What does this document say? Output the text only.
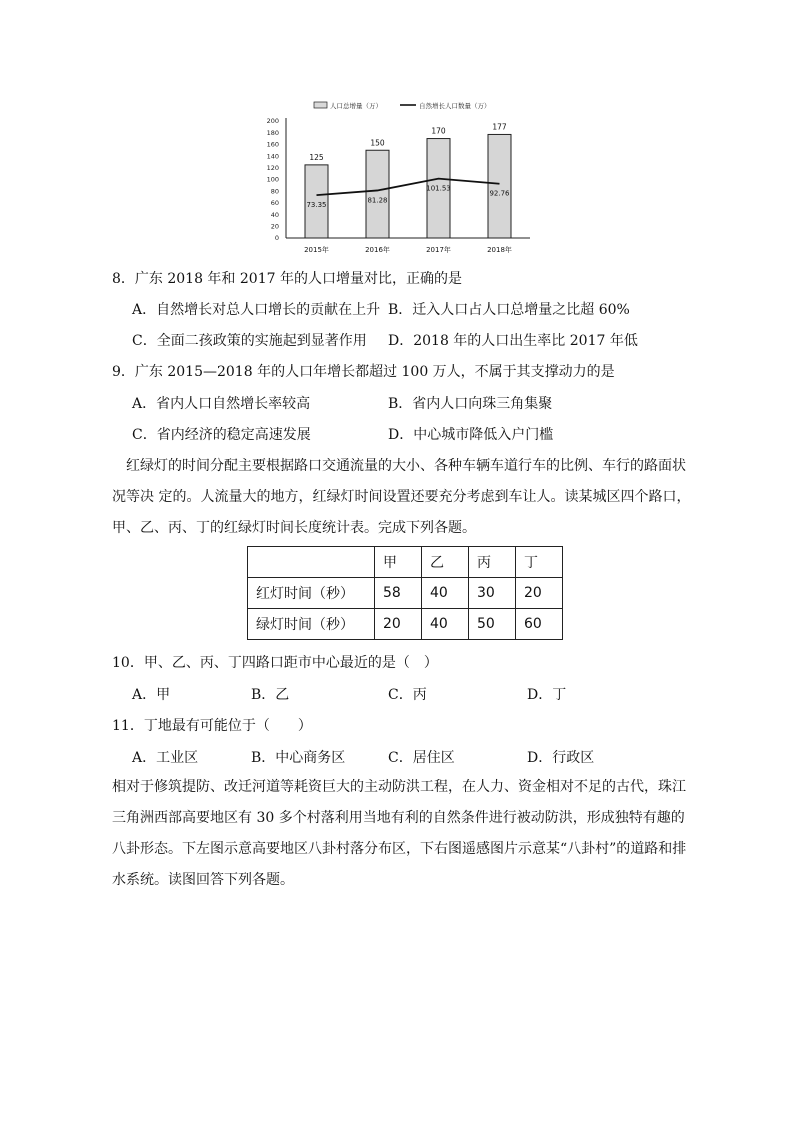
人口总增量（万）	自然增长人口数量（万）
0
20
40
60
80
100
120
140
160
180
200
125
2015年
150
2016年
170
2017年
177
2018年
73.35
81.28
101.53
92.76
8．广东 2018 年和 2017 年的人口增量对比，正确的是
A．自然增长对总人口增长的贡献在上升 B．迁入人口占人口总增量之比超 60%
C．全面二孩政策的实施起到显著作用 D．2018 年的人口出生率比 2017 年低
9．广东 2015—2018 年的人口年增长都超过 100 万人，不属于其支撑动力的是
A．省内人口自然增长率较高	B．省内人口向珠三角集聚
C．省内经济的稳定高速发展	D．中心城市降低入户门槛
红绿灯的时间分配主要根据路口交通流量的大小、各种车辆车道行车的比例、车行的路面状况等决 定的。人流量大的地方，红绿灯时间设置还要充分考虑到车让人。读某城区四个路口，甲、乙、丙、丁的红绿灯时间长度统计表。完成下列各题。
	甲	乙	丙	丁
红灯时间（秒）	58	40	30	20
绿灯时间（秒）	20	40	50	60
10．甲、乙、丙、丁四路口距市中心最近的是（　）
A．甲	B．乙	C．丙	D．丁
11．丁地最有可能位于（　　）
A．工业区	B．中心商务区	C．居住区	D．行政区
相对于修筑提防、改迁河道等耗资巨大的主动防洪工程，在人力、资金相对不足的古代，珠江三角洲西部高要地区有 30 多个村落利用当地有利的自然条件进行被动防洪，形成独特有趣的八卦形态。下左图示意高要地区八卦村落分布区，下右图遥感图片示意某“八卦村”的道路和排水系统。读图回答下列各题。
